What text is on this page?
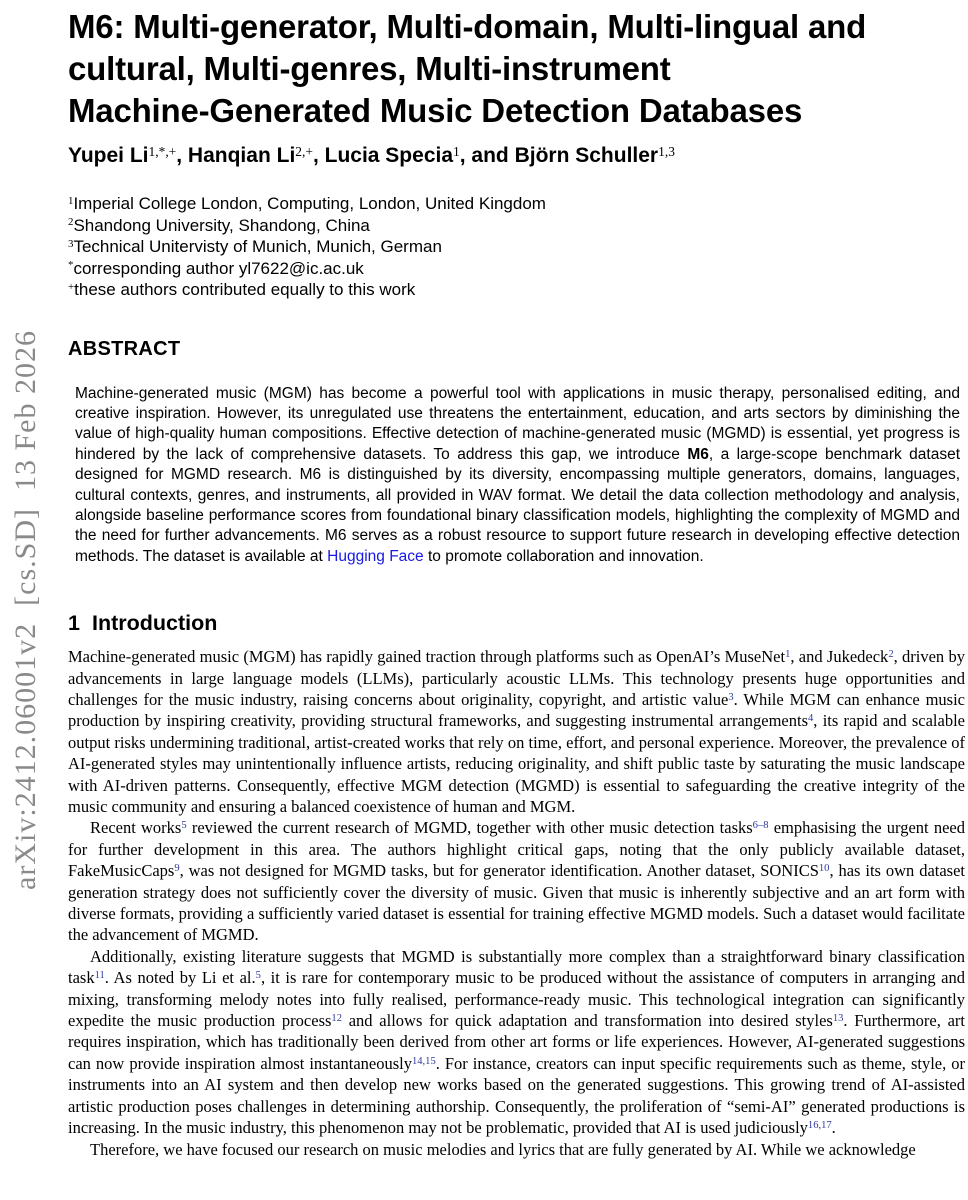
arXiv:2412.06001v2  [cs.SD]  13 Feb 2026
M6: Multi-generator, Multi-domain, Multi-lingual and
cultural, Multi-genres, Multi-instrument
Machine-Generated Music Detection Databases
Yupei $Li^{1,*,+}$, Hanqian $Li^{2,+}$, Lucia Specia$^1$, and Björn Schuller$^{1,3}$
$^1$Imperial College London, Computing, London, United Kingdom
$^2$Shandong University, Shandong, China
$^3$Technical Unitervisty of Munich, Munich, German
*corresponding author yl7622@ic.ac.uk
+these authors contributed equally to this work
ABSTRACT

Machine-generated music (MGM) has become a powerful tool with applications in music therapy, personalised editing, and creative inspiration. However, its unregulated use threatens the entertainment, education, and arts sectors by diminishing the value of high-quality human compositions. Effective detection of machine-generated music (MGMD) is essential, yet progress is hindered by the lack of comprehensive datasets. To address this gap, we introduce M6, a large-scope benchmark dataset designed for MGMD research. M6 is distinguished by its diversity, encompassing multiple generators, domains, languages, cultural contexts, genres, and instruments, all provided in WAV format. We detail the data collection methodology and analysis, alongside baseline performance scores from foundational binary classification models, highlighting the complexity of MGMD and the need for further advancements. M6 serves as a robust resource to support future research in developing effective detection methods. The dataset is available at Hugging Face to promote collaboration and innovation.

1 Introduction

Machine-generated music (MGM) has rapidly gained traction through platforms such as OpenAI’s MuseNet$^1$, and Jukedeck$^2$, driven by advancements in large language models (LLMs), particularly acoustic LLMs. This technology presents huge opportunities and challenges for the music industry, raising concerns about originality, copyright, and artistic value$^3$. While MGM can enhance music production by inspiring creativity, providing structural frameworks, and suggesting instrumental arrangements$^4$, its rapid and scalable output risks undermining traditional, artist-created works that rely on time, effort, and personal experience. Moreover, the prevalence of AI-generated styles may unintentionally influence artists, reducing originality, and shift public taste by saturating the music landscape with AI-driven patterns. Consequently, effective MGM detection (MGMD) is essential to safeguarding the creative integrity of the music community and ensuring a balanced coexistence of human and MGM.

Recent works$^5$ reviewed the current research of MGMD, together with other music detection tasks$^{6-8}$ emphasising the urgent need for further development in this area. The authors highlight critical gaps, noting that the only publicly available dataset, FakeMusicCaps$^9$, was not designed for MGMD tasks, but for generator identification. Another dataset, SONICS$^{10}$, has its own dataset generation strategy does not sufficiently cover the diversity of music. Given that music is inherently subjective and an art form with diverse formats, providing a sufficiently varied dataset is essential for training effective MGMD models. Such a dataset would facilitate the advancement of MGMD.

Additionally, existing literature suggests that MGMD is substantially more complex than a straightforward binary classification task$^{11}$. As noted by Li et al.$^5$, it is rare for contemporary music to be produced without the assistance of computers in arranging and mixing, transforming melody notes into fully realised, performance-ready music. This technological integration can significantly expedite the music production process$^{12}$ and allows for quick adaptation and transformation into desired styles$^{13}$. Furthermore, art requires inspiration, which has traditionally been derived from other art forms or life experiences. However, AI-generated suggestions can now provide inspiration almost instantaneously$^{14,15}$. For instance, creators can input specific requirements such as theme, style, or instruments into an AI system and then develop new works based on the generated suggestions. This growing trend of AI-assisted artistic production poses challenges in determining authorship. Consequently, the proliferation of “semi-AI” generated productions is increasing. In the music industry, this phenomenon may not be problematic, provided that AI is used judiciously$^{16,17}$.

Therefore, we have focused our research on music melodies and lyrics that are fully generated by AI. While we acknowledge
